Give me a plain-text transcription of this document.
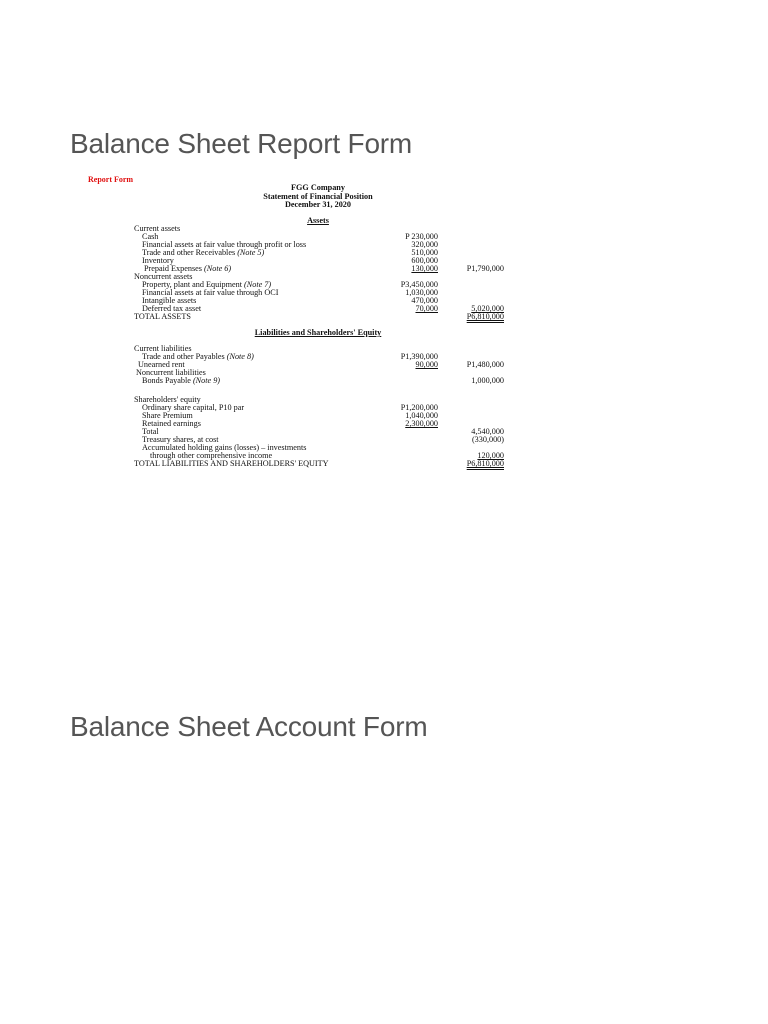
Balance Sheet Report Form
Report Form
FGG Company
Statement of Financial Position
December 31, 2020
Assets
Liabilities and Shareholders' Equity
Current assets
Cash	P 230,000
Financial assets at fair value through profit or loss	320,000
Trade and other Receivables (Note 5)	510,000
Inventory	600,000
Prepaid Expenses (Note 6)	130,000	P1,790,000
Noncurrent assets
Property, plant and Equipment (Note 7)	P3,450,000
Financial assets at fair value through OCI	1,030,000
Intangible assets	470,000
Deferred tax asset	70,000	5,020,000
TOTAL ASSETS	P6,810,000
Current liabilities
Trade and other Payables (Note 8)	P1,390,000
Unearned rent	90,000	P1,480,000
Noncurrent liabilities
Bonds Payable (Note 9)	1,000,000
Shareholders' equity
Ordinary share capital, P10 par	P1,200,000
Share Premium	1,040,000
Retained earnings	2,300,000
Total	4,540,000
Treasury shares, at cost	(330,000)
Accumulated holding gains (losses) – investments
through other comprehensive income	120,000
TOTAL LIABILITIES AND SHAREHOLDERS' EQUITY	P6,810,000
Balance Sheet Account Form
